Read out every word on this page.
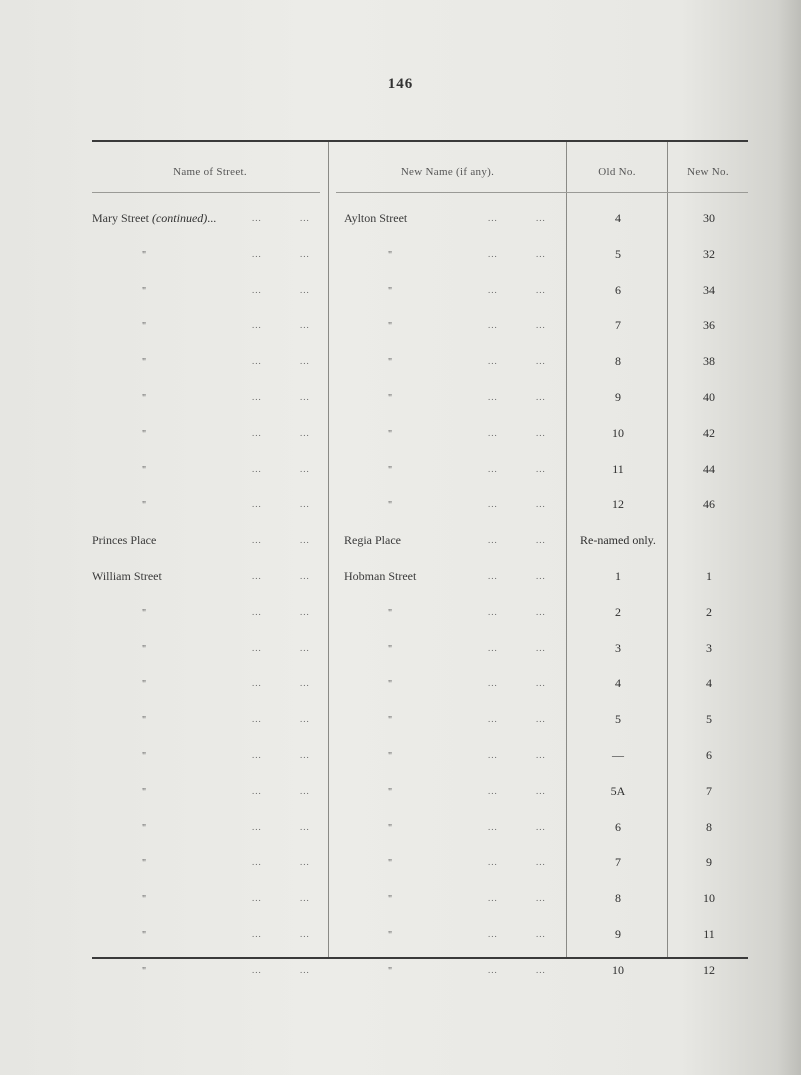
146
Name of Street.	New Name (if any).	Old No.	New No.
Mary Street (continued)...	...	...	Aylton Street	...	...	4	30
"	...	...	"	...	...	5	32
"	...	...	"	...	...	6	34
"	...	...	"	...	...	7	36
"	...	...	"	...	...	8	38
"	...	...	"	...	...	9	40
"	...	...	"	...	...	10	42
"	...	...	"	...	...	11	44
"	...	...	"	...	...	12	46
Princes Place	...	...	Regia Place	...	...	Re-named only.
William Street	...	...	Hobman Street	...	...	1	1
"	...	...	"	...	...	2	2
"	...	...	"	...	...	3	3
"	...	...	"	...	...	4	4
"	...	...	"	...	...	5	5
"	...	...	"	...	...	—	6
"	...	...	"	...	...	5A	7
"	...	...	"	...	...	6	8
"	...	...	"	...	...	7	9
"	...	...	"	...	...	8	10
"	...	...	"	...	...	9	11
"	...	...	"	...	...	10	12
